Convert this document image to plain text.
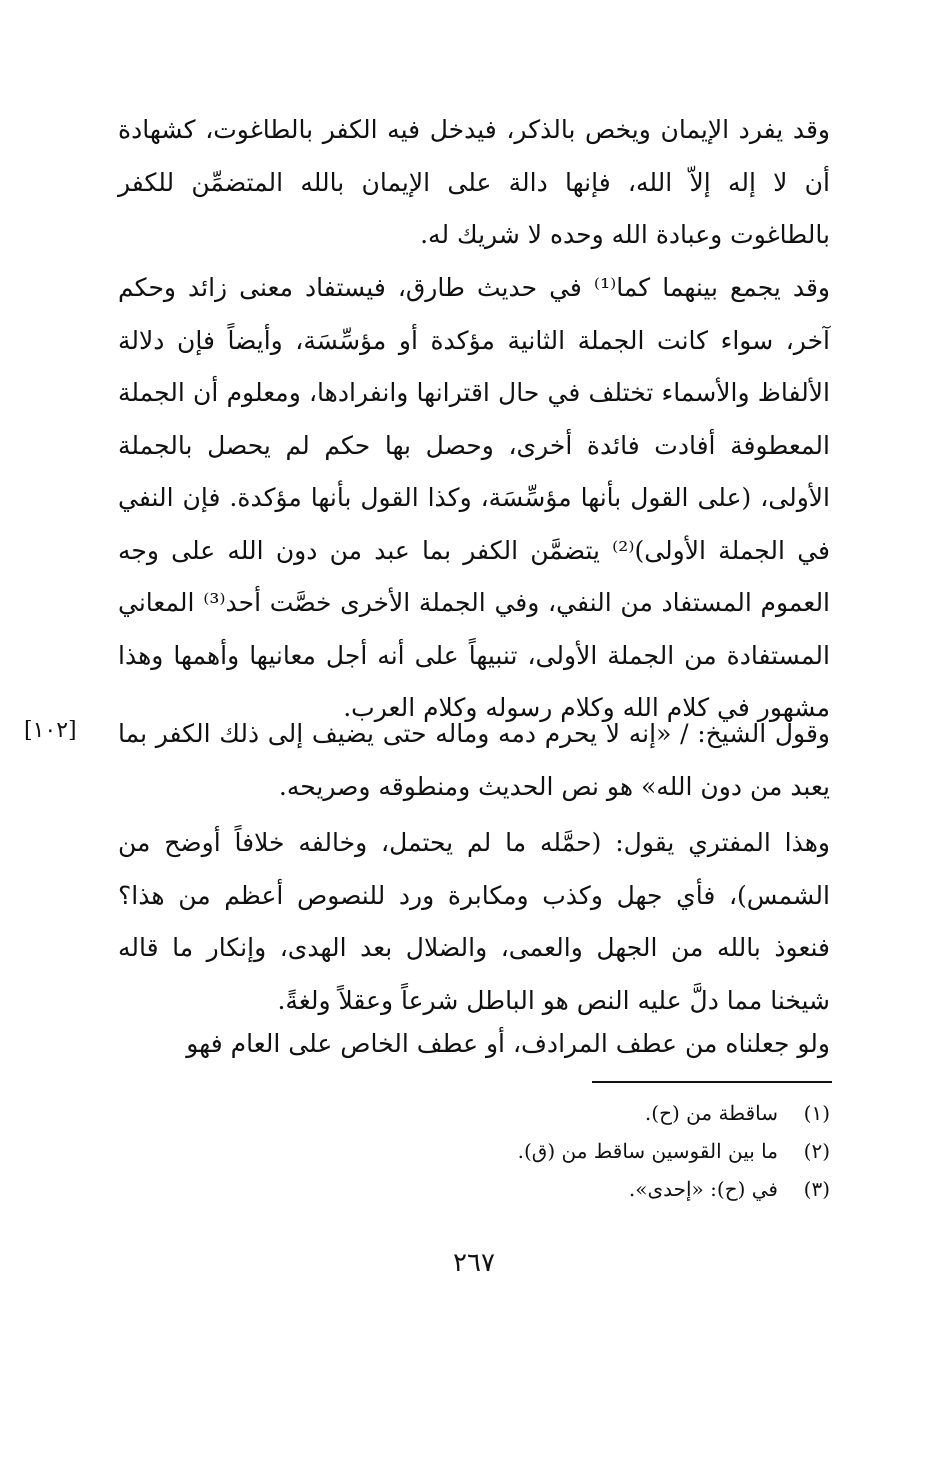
وقد يفرد الإيمان ويخص بالذكر، فيدخل فيه الكفر بالطاغوت، كشهادة أن لا إله إلاّ الله، فإنها دالة على الإيمان بالله المتضمِّن للكفر بالطاغوت وعبادة الله وحده لا شريك له.

وقد يجمع بينهما كما⁽¹⁾ في حديث طارق، فيستفاد معنى زائد وحكم آخر، سواء كانت الجملة الثانية مؤكدة أو مؤسِّسَة، وأيضاً فإن دلالة الألفاظ والأسماء تختلف في حال اقترانها وانفرادها، ومعلوم أن الجملة المعطوفة أفادت فائدة أخرى، وحصل بها حكم لم يحصل بالجملة الأولى، (على القول بأنها مؤسِّسَة، وكذا القول بأنها مؤكدة. فإن النفي في الجملة الأولى)⁽²⁾ يتضمَّن الكفر بما عبد من دون الله على وجه العموم المستفاد من النفي، وفي الجملة الأخرى خصَّت أحد⁽³⁾ المعاني المستفادة من الجملة الأولى، تنبيهاً على أنه أجل معانيها وأهمها وهذا مشهور في كلام الله وكلام رسوله وكلام العرب.

[١٠٢] وقول الشيخ: / «إنه لا يحرم دمه وماله حتى يضيف إلى ذلك الكفر بما يعبد من دون الله» هو نص الحديث ومنطوقه وصريحه.

وهذا المفتري يقول: (حمَّله ما لم يحتمل، وخالفه خلافاً أوضح من الشمس)، فأي جهل وكذب ومكابرة ورد للنصوص أعظم من هذا؟ فنعوذ بالله من الجهل والعمى، والضلال بعد الهدى، وإنكار ما قاله شيخنا مما دلَّ عليه النص هو الباطل شرعاً وعقلاً ولغةً.

ولو جعلناه من عطف المرادف، أو عطف الخاص على العام فهو

(١)
ساقطة من (ح).
(٢)
ما بين القوسين ساقط من (ق).
(٣)
في (ح): «إحدى».
٢٦٧
